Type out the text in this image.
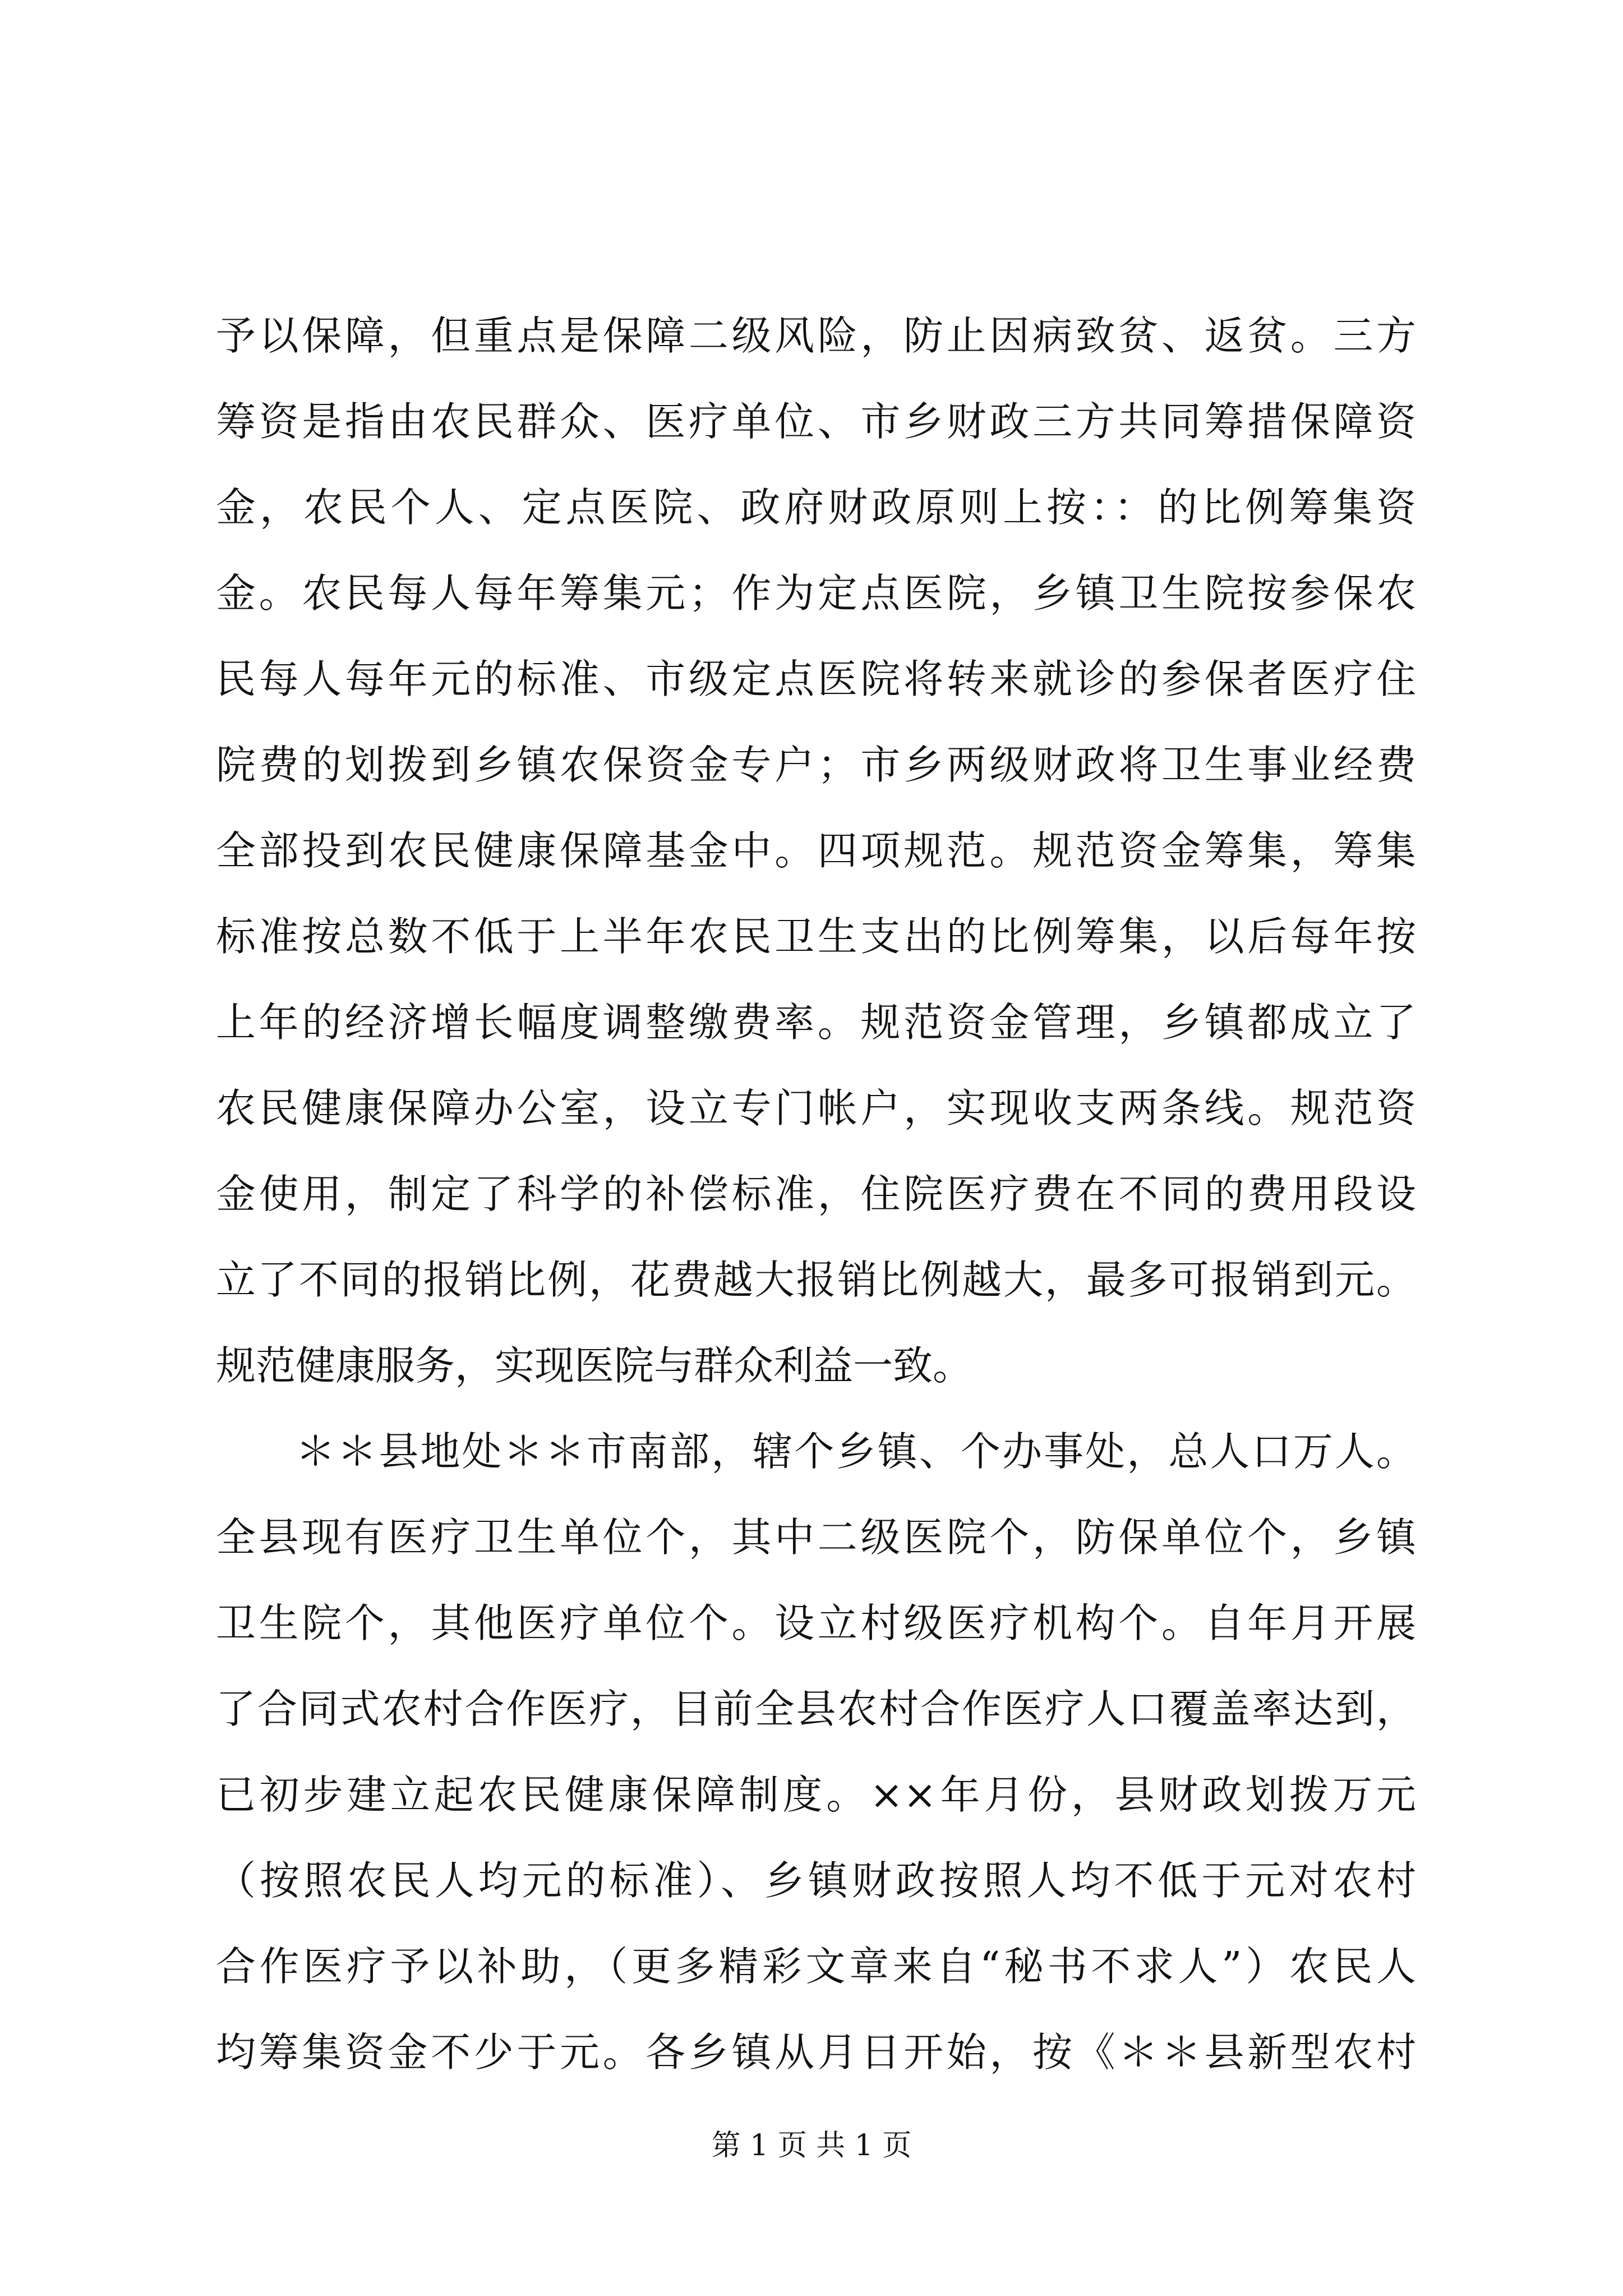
予以保障，但重点是保障二级风险，防止因病致贫、返贫。三方
筹资是指由农民群众、医疗单位、市乡财政三方共同筹措保障资
金，农民个人、定点医院、政府财政原则上按：：的比例筹集资
金。农民每人每年筹集元；作为定点医院，乡镇卫生院按参保农
民每人每年元的标准、市级定点医院将转来就诊的参保者医疗住
院费的划拨到乡镇农保资金专户；市乡两级财政将卫生事业经费
全部投到农民健康保障基金中。四项规范。规范资金筹集，筹集
标准按总数不低于上半年农民卫生支出的比例筹集，以后每年按
上年的经济增长幅度调整缴费率。规范资金管理，乡镇都成立了
农民健康保障办公室，设立专门帐户，实现收支两条线。规范资
金使用，制定了科学的补偿标准，住院医疗费在不同的费用段设
立了不同的报销比例，花费越大报销比例越大，最多可报销到元。
规范健康服务，实现医院与群众利益一致。
＊＊县地处＊＊市南部，辖个乡镇、个办事处，总人口万人。
全县现有医疗卫生单位个，其中二级医院个，防保单位个，乡镇
卫生院个，其他医疗单位个。设立村级医疗机构个。自年月开展
了合同式农村合作医疗，目前全县农村合作医疗人口覆盖率达到，
已初步建立起农民健康保障制度。××年月份，县财政划拨万元
（按照农民人均元的标准）、乡镇财政按照人均不低于元对农村
合作医疗予以补助，（更多精彩文章来自“秘书不求人”）农民人
均筹集资金不少于元。各乡镇从月日开始，按《＊＊县新型农村
第 1 页 共 1 页
